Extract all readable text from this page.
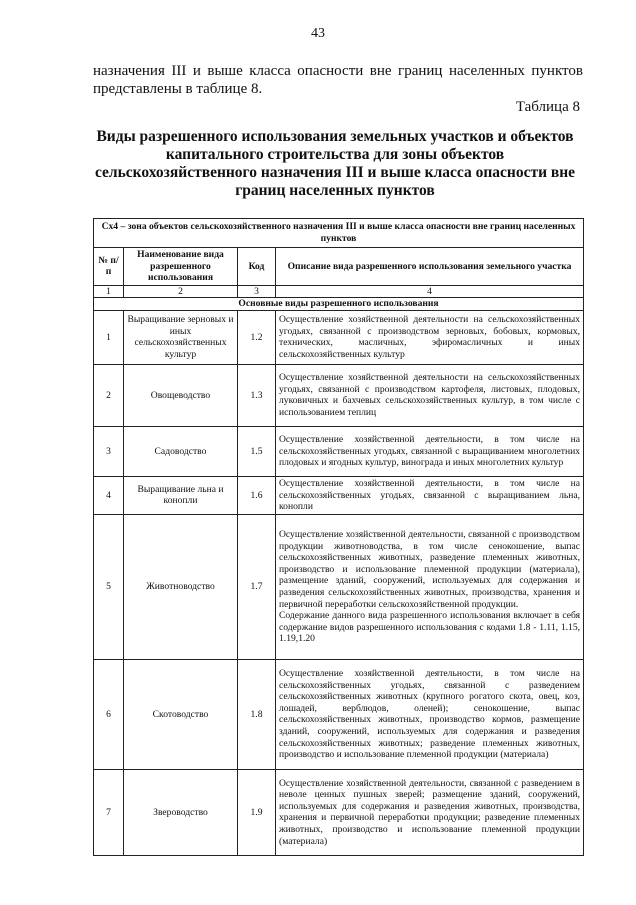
43
назначения III и выше класса опасности вне границ населенных пунктов представлены в таблице 8.
Таблица 8
Виды разрешенного использования земельных участков и объектов капитального строительства для зоны объектов сельскохозяйственного назначения III и выше класса опасности вне границ населенных пунктов
Сх4 – зона объектов сельскохозяйственного назначения III и выше класса опасности вне границ населенных пунктов			
№ п/п	Наименование вида разрешенного использования	Код	Описание вида разрешенного использования земельного участка
1	2	3	4
Основные виды разрешенного использования			
1	Выращивание зерновых и иных сельскохозяйственных культур	1.2	Осуществление хозяйственной деятельности на сельскохозяйственных угодьях, связанной с производством зерновых, бобовых, кормовых, технических, масличных, эфиромасличных и иных сельскохозяйственных культур

2	Овощеводство	1.3	Осуществление хозяйственной деятельности на сельскохозяйственных угодьях, связанной с производством картофеля, листовых, плодовых, луковичных и бахчевых сельскохозяйственных культур, в том числе с использованием теплиц

3	Садоводство	1.5	Осуществление хозяйственной деятельности, в том числе на сельскохозяйственных угодьях, связанной с выращиванием многолетних плодовых и ягодных культур, винограда и иных многолетних культур

4	Выращивание льна и конопли	1.6	Осуществление хозяйственной деятельности, в том числе на сельскохозяйственных угодьях, связанной с выращиванием льна, конопли

5	Животноводство	1.7	Осуществление хозяйственной деятельности, связанной с производством продукции животноводства, в том числе сенокошение, выпас сельскохозяйственных животных, разведение племенных животных, производство и использование племенной продукции (материала), размещение зданий, сооружений, используемых для содержания и разведения сельскохозяйственных животных, производства, хранения и первичной переработки сельскохозяйственной продукции.

Содержание данного вида разрешенного использования включает в себя содержание видов разрешенного использования с кодами 1.8 - 1.11, 1.15, 1.19,1.20

6	Скотоводство	1.8	Осуществление хозяйственной деятельности, в том числе на сельскохозяйственных угодьях, связанной с разведением сельскохозяйственных животных (крупного рогатого скота, овец, коз, лошадей, верблюдов, оленей); сенокошение, выпас сельскохозяйственных животных, производство кормов, размещение зданий, сооружений, используемых для содержания и разведения сельскохозяйственных животных; разведение племенных животных, производство и использование племенной продукции (материала)

7	Звероводство	1.9	Осуществление хозяйственной деятельности, связанной с разведением в неволе ценных пушных зверей; размещение зданий, сооружений, используемых для содержания и разведения животных, производства, хранения и первичной переработки продукции; разведение племенных животных, производство и использование племенной продукции (материала)
